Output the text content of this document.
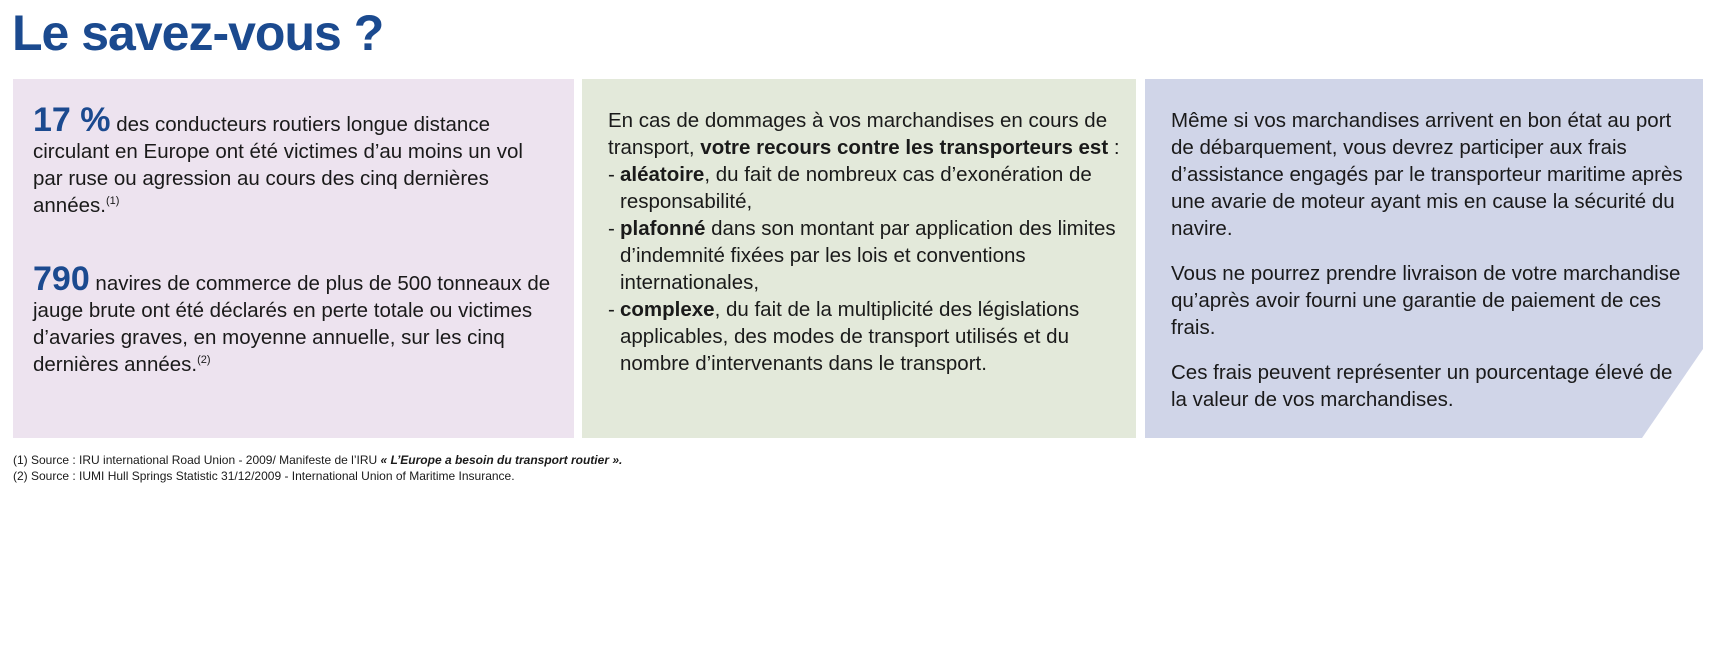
Le savez-vous ?

17 % des conducteurs routiers longue distance circulant en Europe ont été victimes d’au moins un vol par ruse ou agression au cours des cinq dernières années.$^{(1)}$

790 navires de commerce de plus de 500 tonneaux de jauge brute ont été déclarés en perte totale ou victimes d’avaries graves, en moyenne annuelle, sur les cinq dernières années.$^{(2)}$

En cas de dommages à vos marchandises en cours de transport, votre recours contre les transporteurs est :

- aléatoire, du fait de nombreux cas d’exonération de responsabilité,
- plafonné dans son montant par application des limites d’indemnité fixées par les lois et conventions internationales,
- complexe, du fait de la multiplicité des législations applicables, des modes de transport utilisés et du nombre d’intervenants dans le transport.

Même si vos marchandises arrivent en bon état au port de débarquement, vous devrez participer aux frais d’assistance engagés par le transporteur maritime après une avarie de moteur ayant mis en cause la sécurité du navire.

Vous ne pourrez prendre livraison de votre marchandise qu’après avoir fourni une garantie de paiement de ces frais.

Ces frais peuvent représenter un pourcentage élevé de la valeur de vos marchandises.

(1) Source : IRU international Road Union - 2009/ Manifeste de l’IRU « L’Europe a besoin du transport routier ».
(2) Source : IUMI Hull Springs Statistic 31/12/2009 - International Union of Maritime Insurance.
